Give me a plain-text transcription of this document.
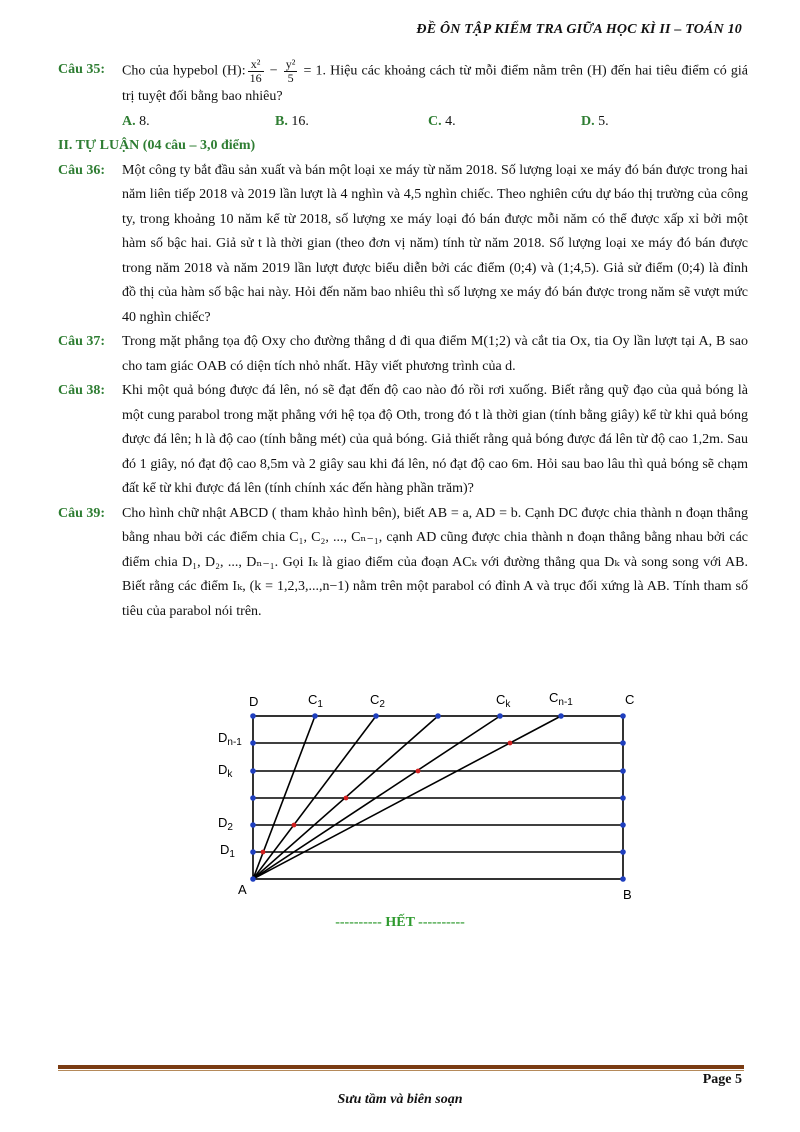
ĐỀ ÔN TẬP KIỂM TRA GIỮA HỌC KÌ II – TOÁN 10
Câu 35:	Cho của hypebol (H): $\frac{\text{x²}}{16} - \frac{\text{y²}}{5} = 1$. Hiệu các khoảng cách từ mỗi điểm nằm trên (H) đến hai tiêu điểm có giá trị tuyệt đối bằng bao nhiêu?
A. 8.	B. 16.	C. 4.	D. 5.
II. TỰ LUẬN (04 câu – 3,0 điểm)
Câu 36:	Một công ty bắt đầu sản xuất và bán một loại xe máy từ năm 2018. Số lượng loại xe máy đó bán được trong hai năm liên tiếp 2018 và 2019 lần lượt là 4 nghìn và 4,5 nghìn chiếc. Theo nghiên cứu dự báo thị trường của công ty, trong khoảng 10 năm kể từ 2018, số lượng xe máy loại đó bán được mỗi năm có thể được xấp xỉ bởi một hàm số bậc hai. Giả sử t là thời gian (theo đơn vị năm) tính từ năm 2018. Số lượng loại xe máy đó bán được trong năm 2018 và năm 2019 lần lượt được biểu diễn bởi các điểm (0;4) và (1;4,5). Giả sử điểm (0;4) là đỉnh đồ thị của hàm số bậc hai này. Hỏi đến năm bao nhiêu thì số lượng xe máy đó bán được trong năm sẽ vượt mức 40 nghìn chiếc?
Câu 37:	Trong mặt phẳng tọa độ Oxy cho đường thẳng d đi qua điểm M(1;2) và cắt tia Ox, tia Oy lần lượt tại A, B sao cho tam giác OAB có diện tích nhỏ nhất. Hãy viết phương trình của d.
Câu 38:	Khi một quả bóng được đá lên, nó sẽ đạt đến độ cao nào đó rồi rơi xuống. Biết rằng quỹ đạo của quả bóng là một cung parabol trong mặt phẳng với hệ tọa độ Oth, trong đó t là thời gian (tính bằng giây) kể từ khi quả bóng được đá lên; h là độ cao (tính bằng mét) của quả bóng. Giả thiết rằng quả bóng được đá lên từ độ cao 1,2m. Sau đó 1 giây, nó đạt độ cao 8,5m và 2 giây sau khi đá lên, nó đạt độ cao 6m. Hỏi sau bao lâu thì quả bóng sẽ chạm đất kể từ khi được đá lên (tính chính xác đến hàng phần trăm)?
Câu 39:	Cho hình chữ nhật ABCD ( tham khảo hình bên), biết AB = a, AD = b. Cạnh DC được chia thành n đoạn thẳng bằng nhau bởi các điểm chia C₁, C₂, ..., Cₙ₋₁, cạnh AD cũng được chia thành n đoạn thẳng bằng nhau bởi các điểm chia D₁, D₂, ..., Dₙ₋₁. Gọi Iₖ là giao điểm của đoạn ACₖ với đường thẳng qua Dₖ và song song với AB. Biết rằng các điểm Iₖ, (k = 1,2,3,...,n−1) nằm trên một parabol có đỉnh A và trục đối xứng là AB. Tính tham số tiêu của parabol nói trên.
D	$C_1$	$C_2$	$C_k$	$C_{n-1}$	C
$D_{n-1}$
$D_k$
$D_2$
$D_1$
A	B
---------- HẾT ----------
Page 5
Sưu tầm và biên soạn
